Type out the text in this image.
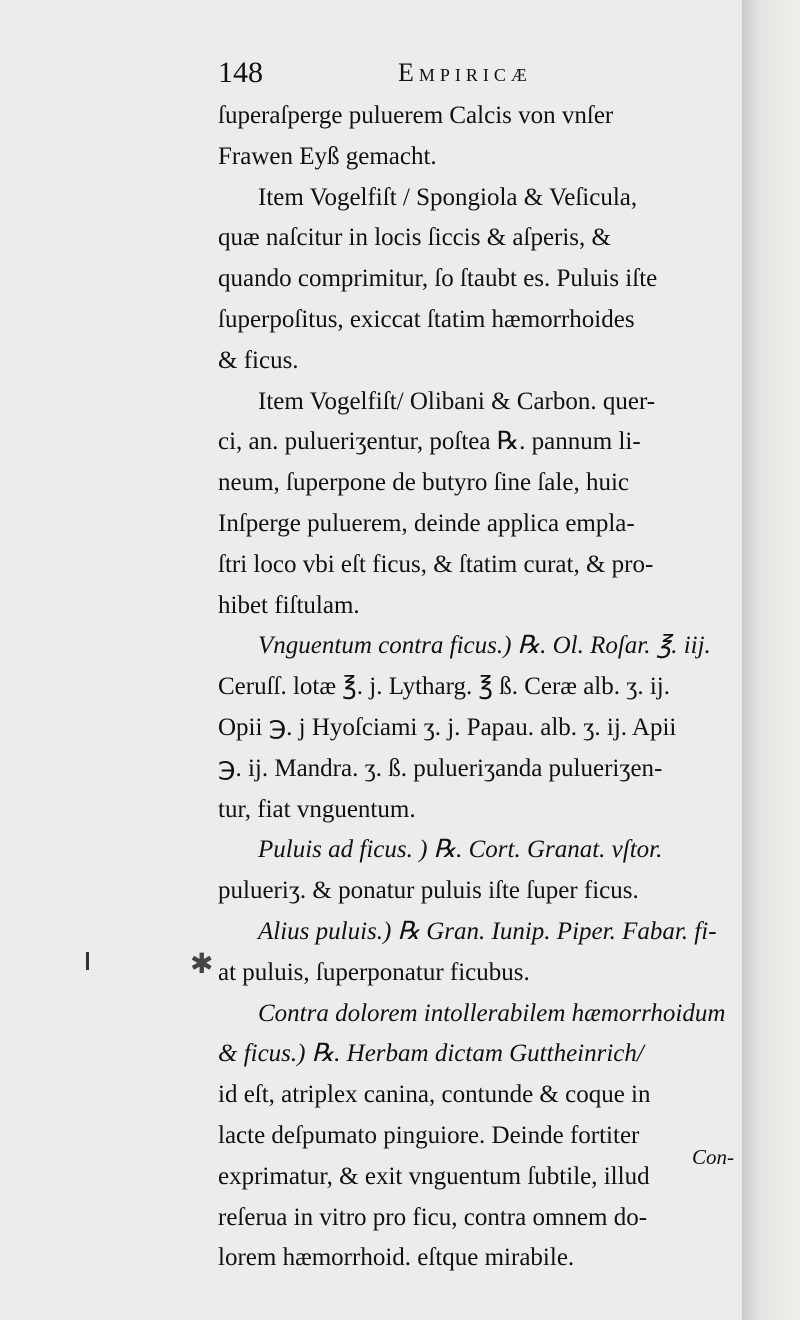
148	Empiricæ
ſuperaſperge puluerem Calcis von vnſer
Frawen Eyß gemacht.
Item Vogelfiſt / Spongiola & Veſicula,
quæ naſcitur in locis ſiccis & aſperis, &
quando comprimitur, ſo ſtaubt es. Puluis iſte
ſuperpoſitus, exiccat ſtatim hæmorrhoides
& ficus.
Item Vogelfiſt/ Olibani & Carbon. quer-
ci, an. pulueriʒentur, poſtea ℞. pannum li-
neum, ſuperpone de butyro ſine ſale, huic
Inſperge puluerem, deinde applica empla-
ſtri loco vbi eſt ficus, & ſtatim curat, & pro-
hibet fiſtulam.
Vnguentum contra ficus.) ℞. Ol. Roſar. ℥. iij.
Ceruſſ. lotæ ℥. j. Lytharg. ℥ ß. Ceræ alb. ʒ. ij.
Opii ℈. j Hyoſciami ʒ. j. Papau. alb. ʒ. ij. Apii
℈. ij. Mandra. ʒ. ß. pulueriʒanda pulueriʒen-
tur, fiat vnguentum.
Puluis ad ficus. ) ℞. Cort. Granat. vſtor.
pulueriʒ. & ponatur puluis iſte ſuper ficus.
Alius puluis.) ℞ Gran. Iunip. Piper. Fabar. fi-
at puluis, ſuperponatur ficubus.
Contra dolorem intollerabilem hæmorrhoidum
& ficus.) ℞. Herbam dictam Guttheinrich/
id eſt, atriplex canina, contunde & coque in
lacte deſpumato pinguiore. Deinde fortiter
exprimatur, & exit vnguentum ſubtile, illud
reſerua in vitro pro ficu, contra omnem do-
lorem hæmorrhoid. eſtque mirabile.
✱
Con-
